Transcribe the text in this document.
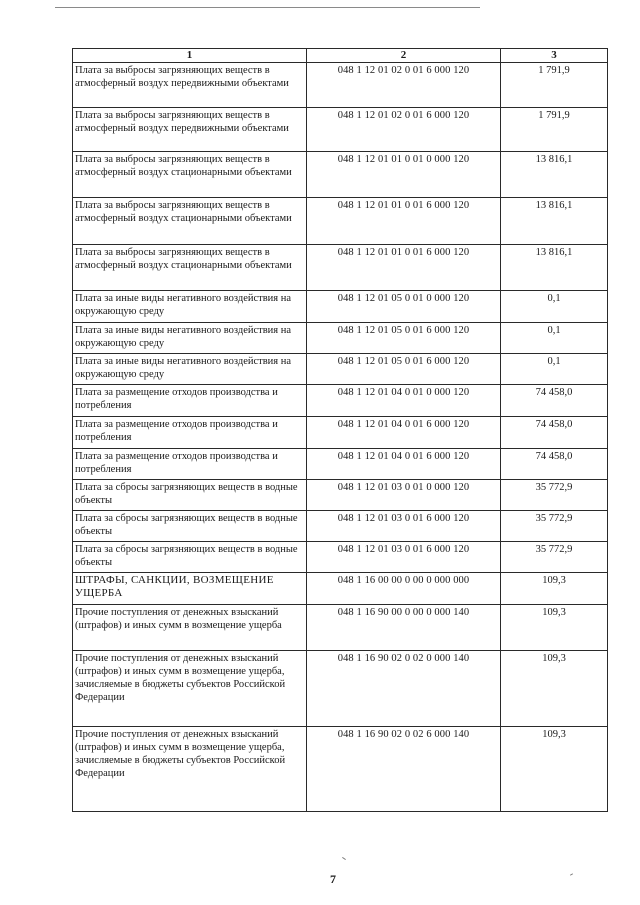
1	2	3
Плата за выбросы загрязняющих веществ в атмосферный воздух передвижными объектами	048 1 12 01 02 0 01 6 000 120	1 791,9
Плата за выбросы загрязняющих веществ в атмосферный воздух передвижными объектами	048 1 12 01 02 0 01 6 000 120	1 791,9
Плата за выбросы загрязняющих веществ в атмосферный воздух стационарными объектами	048 1 12 01 01 0 01 0 000 120	13 816,1
Плата за выбросы загрязняющих веществ в атмосферный воздух стационарными объектами	048 1 12 01 01 0 01 6 000 120	13 816,1
Плата за выбросы загрязняющих веществ в атмосферный воздух стационарными объектами	048 1 12 01 01 0 01 6 000 120	13 816,1
Плата за иные виды негативного воздействия на окружающую среду	048 1 12 01 05 0 01 0 000 120	0,1
Плата за иные виды негативного воздействия на окружающую среду	048 1 12 01 05 0 01 6 000 120	0,1
Плата за иные виды негативного воздействия на окружающую среду	048 1 12 01 05 0 01 6 000 120	0,1
Плата за размещение отходов производства и потребления	048 1 12 01 04 0 01 0 000 120	74 458,0
Плата за размещение отходов производства и потребления	048 1 12 01 04 0 01 6 000 120	74 458,0
Плата за размещение отходов производства и потребления	048 1 12 01 04 0 01 6 000 120	74 458,0
Плата за сбросы загрязняющих веществ в водные объекты	048 1 12 01 03 0 01 0 000 120	35 772,9
Плата за сбросы загрязняющих веществ в водные объекты	048 1 12 01 03 0 01 6 000 120	35 772,9
Плата за сбросы загрязняющих веществ в водные объекты	048 1 12 01 03 0 01 6 000 120	35 772,9
ШТРАФЫ, САНКЦИИ, ВОЗМЕЩЕНИЕ УЩЕРБА	048 1 16 00 00 0 00 0 000 000	109,3
Прочие поступления от денежных взысканий (штрафов) и иных сумм в возмещение ущерба	048 1 16 90 00 0 00 0 000 140	109,3
Прочие поступления от денежных взысканий (штрафов) и иных сумм в возмещение ущерба, зачисляемые в бюджеты субъектов Российской Федерации	048 1 16 90 02 0 02 0 000 140	109,3
Прочие поступления от денежных взысканий (штрафов) и иных сумм в возмещение ущерба, зачисляемые в бюджеты субъектов Российской Федерации	048 1 16 90 02 0 02 6 000 140	109,3
7
